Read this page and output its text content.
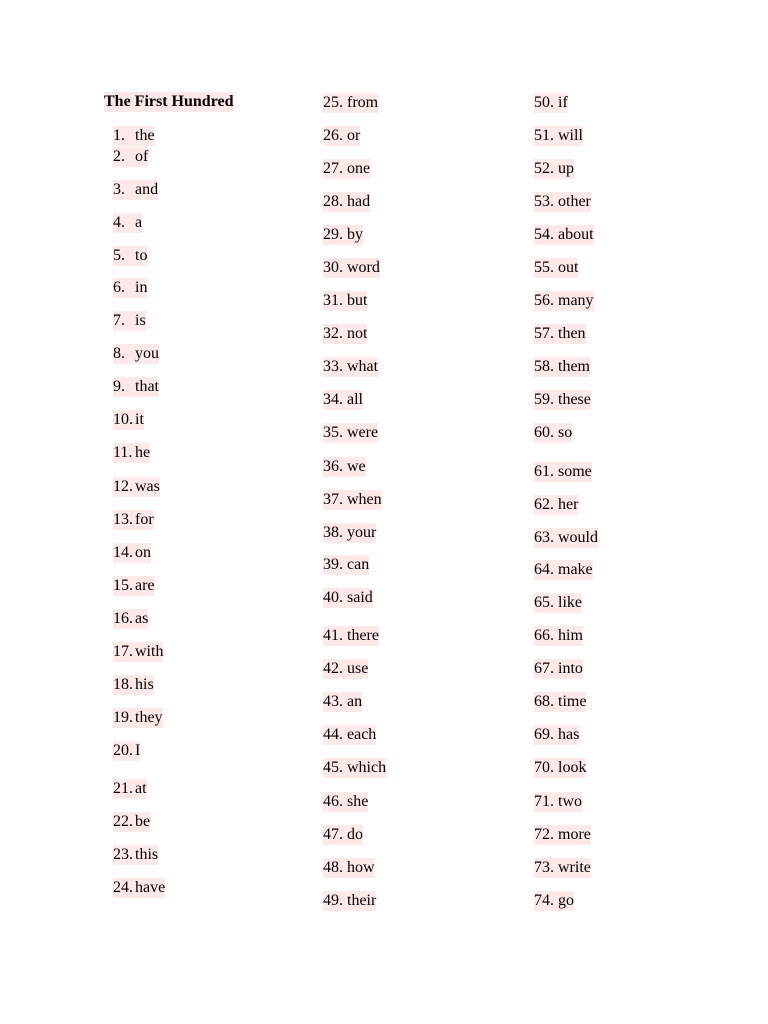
The First Hundred
1. the
2. of
3. and
4. a
5. to
6. in
7. is
8. you
9. that
10. it
11. he
12. was
13. for
14. on
15. are
16. as
17. with
18. his
19. they
20. I
21. at
22. be
23. this
24. have
25. from
26. or
27. one
28. had
29. by
30. word
31. but
32. not
33. what
34. all
35. were
36. we
37. when
38. your
39. can
40. said
41. there
42. use
43. an
44. each
45. which
46. she
47. do
48. how
49. their
50. if
51. will
52. up
53. other
54. about
55. out
56. many
57. then
58. them
59. these
60. so
61. some
62. her
63. would
64. make
65. like
66. him
67. into
68. time
69. has
70. look
71. two
72. more
73. write
74. go
